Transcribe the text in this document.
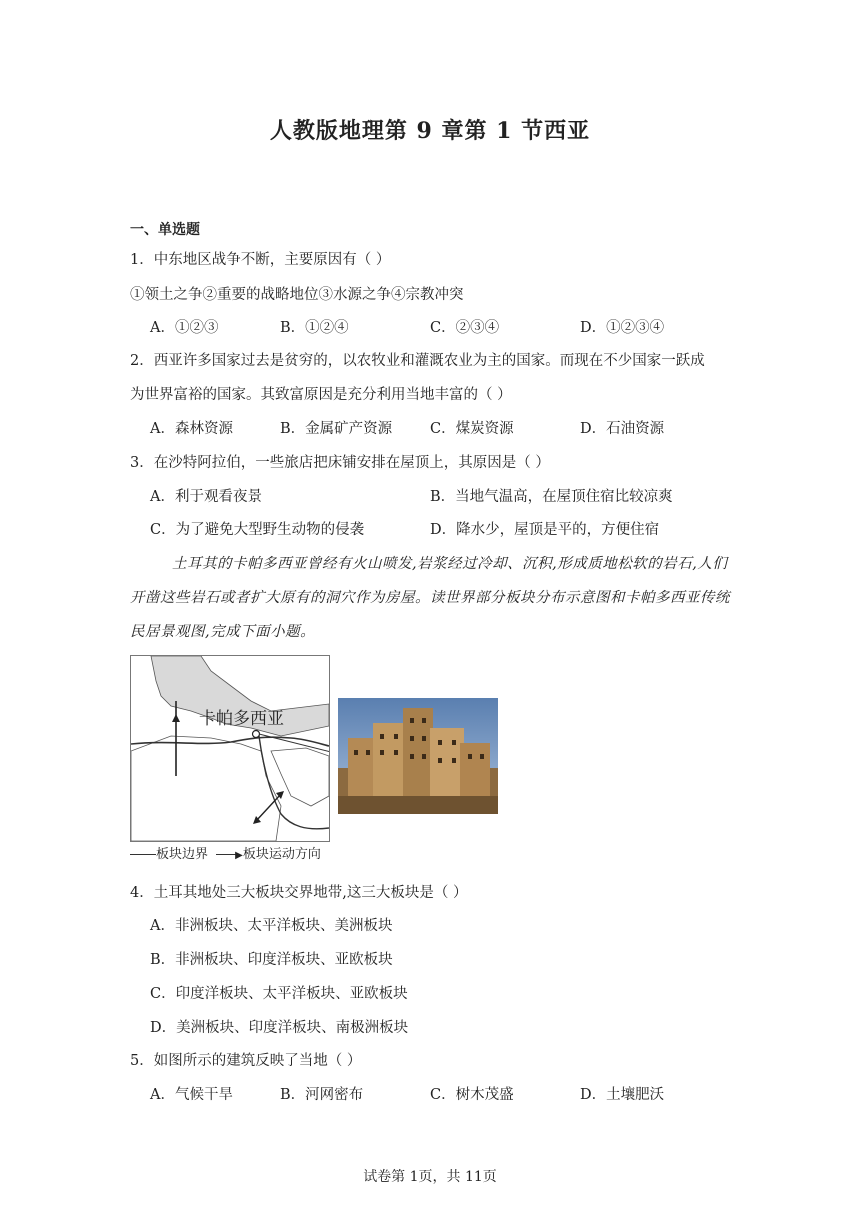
人教版地理第 9 章第 1 节西亚
一、单选题
1．中东地区战争不断，主要原因有（ ）
①领土之争②重要的战略地位③水源之争④宗教冲突
A．①②③	B．①②④	C．②③④	D．①②③④
2．西亚许多国家过去是贫穷的，以农牧业和灌溉农业为主的国家。而现在不少国家一跃成
为世界富裕的国家。其致富原因是充分利用当地丰富的（ ）
A．森林资源	B．金属矿产资源	C．煤炭资源	D．石油资源
3．在沙特阿拉伯，一些旅店把床铺安排在屋顶上，其原因是（ ）
A．利于观看夜景	B．当地气温高，在屋顶住宿比较凉爽
C．为了避免大型野生动物的侵袭	D．降水少，屋顶是平的，方便住宿
土耳其的卡帕多西亚曾经有火山喷发,岩浆经过冷却、沉积,形成质地松软的岩石,人们
开凿这些岩石或者扩大原有的洞穴作为房屋。读世界部分板块分布示意图和卡帕多西亚传统
民居景观图,完成下面小题。
卡帕多西亚
板块边界	▶板块运动方向
4．土耳其地处三大板块交界地带,这三大板块是（ ）
A．非洲板块、太平洋板块、美洲板块
B．非洲板块、印度洋板块、亚欧板块
C．印度洋板块、太平洋板块、亚欧板块
D．美洲板块、印度洋板块、南极洲板块
5．如图所示的建筑反映了当地（ ）
A．气候干旱	B．河网密布	C．树木茂盛	D．土壤肥沃
试卷第 1页，共 11页
